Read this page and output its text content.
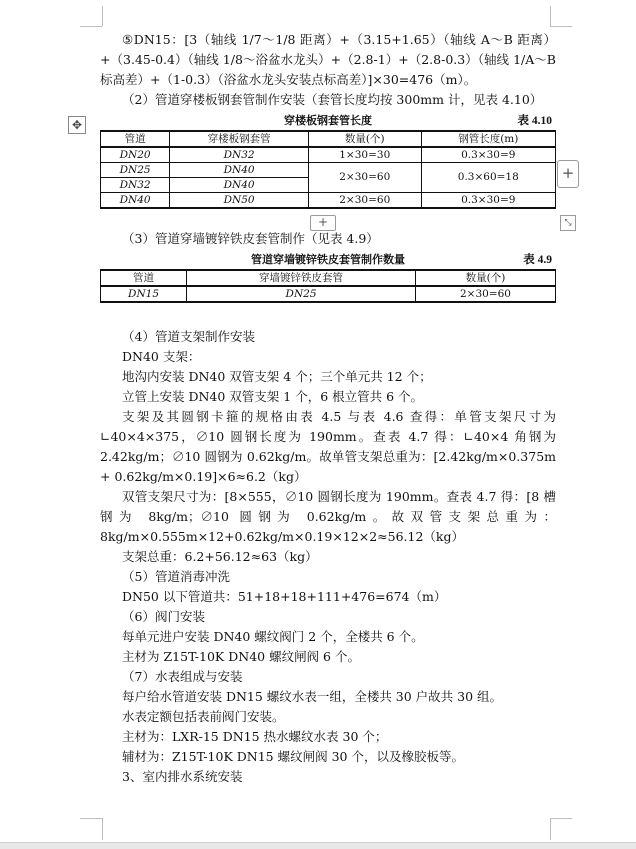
✥
+
+	⤡

⑤DN15：[3（轴线 1/7～1/8 距离）+（3.15+1.65）（轴线 A～B 距离）+（3.45-0.4）（轴线 1/8～浴盆水龙头）+（2.8-1）+（2.8-0.3）（轴线 1/A～B 标高差）+（1-0.3）（浴盆水龙头安装点标高差）]×30=476（m）。

（2）管道穿楼板钢套管制作安装（套管长度均按 300mm 计，见表 4.10）

穿楼板钢套管长度	表 4.10
管道	穿楼板钢套管	数量(个)	钢管长度(m)
DN20	DN32	1×30=30	0.3×30=9
DN25	DN40	2×30=60	0.3×60=18
DN32	DN40		
DN40	DN50	2×30=60	0.3×30=9

（3）管道穿墙镀锌铁皮套管制作（见表 4.9）

管道穿墙镀锌铁皮套管制作数量	表 4.9
管道	穿墙镀锌铁皮套管	数量(个)
DN15	DN25	2×30=60

（4）管道支架制作安装

DN40 支架：

地沟内安装 DN40 双管支架 4 个；三个单元共 12 个；

立管上安装 DN40 双管支架 1 个，6 根立管共 6 个。

支架及其圆钢卡箍的规格由表 4.5 与表 4.6 查得：单管支架尺寸为∟40×4×375，∅10 圆钢长度为 190mm。查表 4.7 得：∟40×4 角钢为 2.42kg/m；∅10 圆钢为 0.62kg/m。故单管支架总重为：[2.42kg/m×0.375m + 0.62kg/m×0.19]×6≈6.2（kg）

双管支架尺寸为：[8×555，∅10 圆钢长度为 190mm。查表 4.7 得：[8 槽钢为 8kg/m；∅10 圆钢为 0.62kg/m。故双管支架总重为：8kg/m×0.555m×12+0.62kg/m×0.19×12×2≈56.12（kg）

支架总重：6.2+56.12≈63（kg）

（5）管道消毒冲洗

DN50 以下管道共：51+18+18+111+476=674（m）

（6）阀门安装

每单元进户安装 DN40 螺纹阀门 2 个，全楼共 6 个。

主材为 Z15T-10K DN40 螺纹闸阀 6 个。

（7）水表组成与安装

每户给水管道安装 DN15 螺纹水表一组，全楼共 30 户故共 30 组。

水表定额包括表前阀门安装。

主材为：LXR-15 DN15 热水螺纹水表 30 个；

辅材为：Z15T-10K DN15 螺纹闸阀 30 个，以及橡胶板等。

3、室内排水系统安装
